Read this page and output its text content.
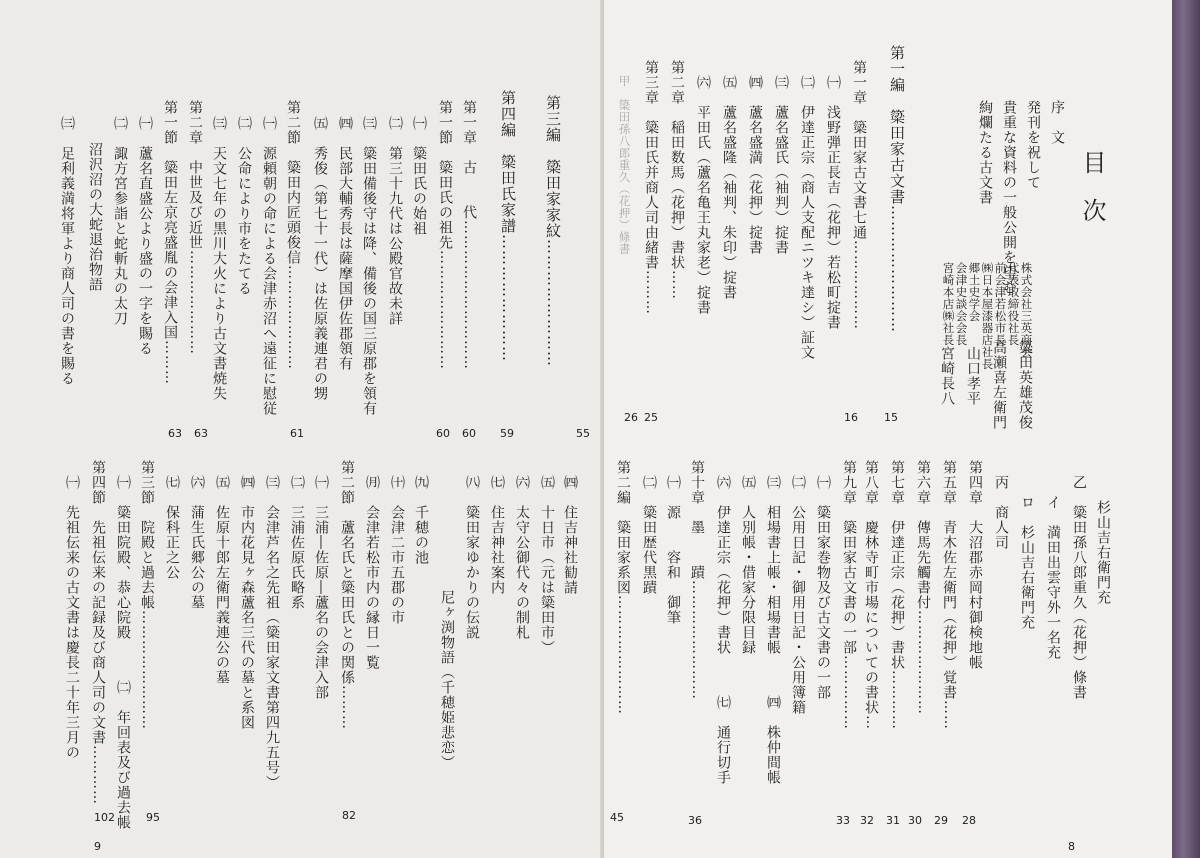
第三編　簗田家家紋……………………
55
第四編　簗田氏家譜……………………
59
第一章　古　　代…………………………
60
第一節　簗田氏の祖先……………………
60
㈠　簗田氏の始祖
㈡　第三十九代は公殿官故未詳
㈢　簗田備後守は降、備後の国三原郡を領有
㈣　民部大輔秀長は薩摩国伊佐郡領有
㈤　秀俊（第七十一代）は佐原義連君の甥
第二節　簗田内匠頭俊信…………………
61
㈠　源頼朝の命による会津赤沼へ遠征に慰従
㈡　公命により市をたてる
㈢　天文七年の黒川大火により古文書焼失
第二章　中世及び近世…………………
63
第一節　簗田左京亮盛胤の会津入国………
63
㈠　蘆名直盛公より盛の一字を賜る
㈡　諏方宮参詣と蛇斬丸の太刀
沼沢沼の大蛇退治物語
㈢　足利義満将軍より商人司の書を賜る
㈣　住吉神社勧請
㈤　十日市（元は簗田市）
㈥　太守公御代々の制札
㈦　住吉神社案内
㈧　簗田家ゆかりの伝説
尼ヶ渕物語（千穂姫悲恋）
㈨　千穂の池
㈩　会津二市五郡の市
㈪　会津若松市内の縁日一覧
第二節　蘆名氏と簗田氏との関係………
82
㈠　三浦―佐原―蘆名の会津入部
㈡　三浦佐原氏略系
㈢　会津芦名之先祖（簗田家文書第四九五号）
㈣　市内花見ヶ森蘆名三代の墓と系図
㈤　佐原十郎左衛門義連公の墓
㈥　蒲生氏郷公の墓
㈦　保科正之公
第三節　院殿と過去帳……………………
95
㈠　簗田院殿、恭心院殿
㈡　年回表及び過去帳
第四節　先祖伝来の記録及び商人司の文書…………
102
㈠　先祖伝来の古文書は慶長二十年三月の
9
目　次
序　文
発刊を祝して
貴重な資料の一般公開を望む
絢爛たる古文書
株式会社三英商会
代表取締役社長
前会津若松市長
㈱日本屋漆器店社長
郷土史学会
会津史談会会長
宮崎本店㈱社長
簗田英雄茂俊
高瀬喜左衛門
山口孝平
宮崎長八
第一編　簗田家古文書……………………
15
第一章　簗田家古文書七通………………
16
㈠　浅野弾正長吉（花押）若松町掟書
㈡　伊達正宗（商人支配ニツキ達シ）証文
㈢　蘆名盛氏（袖判）掟書
㈣　蘆名盛満（花押）掟書
㈤　蘆名盛隆（袖判、朱印）掟書
㈥　平田氏（蘆名亀王丸家老）掟書
第二章　稲田数馬（花押）書状……
25
第三章　簗田氏并商人司由緒書………
26
甲　簗田孫八郎重久（花押）條書
杉山吉右衛門充
乙　簗田孫八郎重久（花押）條書
イ　満田出雲守外一名充
ロ　杉山吉右衛門充
丙　商人司
第四章　大沼郡赤岡村御検地帳
28
第五章　青木佐左衛門（花押）覚書……
29
第六章　傳馬先觸書付…………………
30
第七章　伊達正宗（花押）書状…………
31
第八章　慶林寺町市場についての書状…
32
第九章　簗田家古文書の一部……………
33
㈠　簗田家巻物及び古文書の一部
㈡　公用日記・御用日記・公用簿籍
㈢　相場書上帳・相場書帳
㈣　株仲間帳
㈤　人別帳・借家分限目録
㈥　伊達正宗（花押）書状
㈦　通行切手
第十章　墨　　蹟……………………
36
㈠　源　　容和　御筆
㈡　簗田歴代黒蹟
第二編　簗田家系図……………………
45
8
